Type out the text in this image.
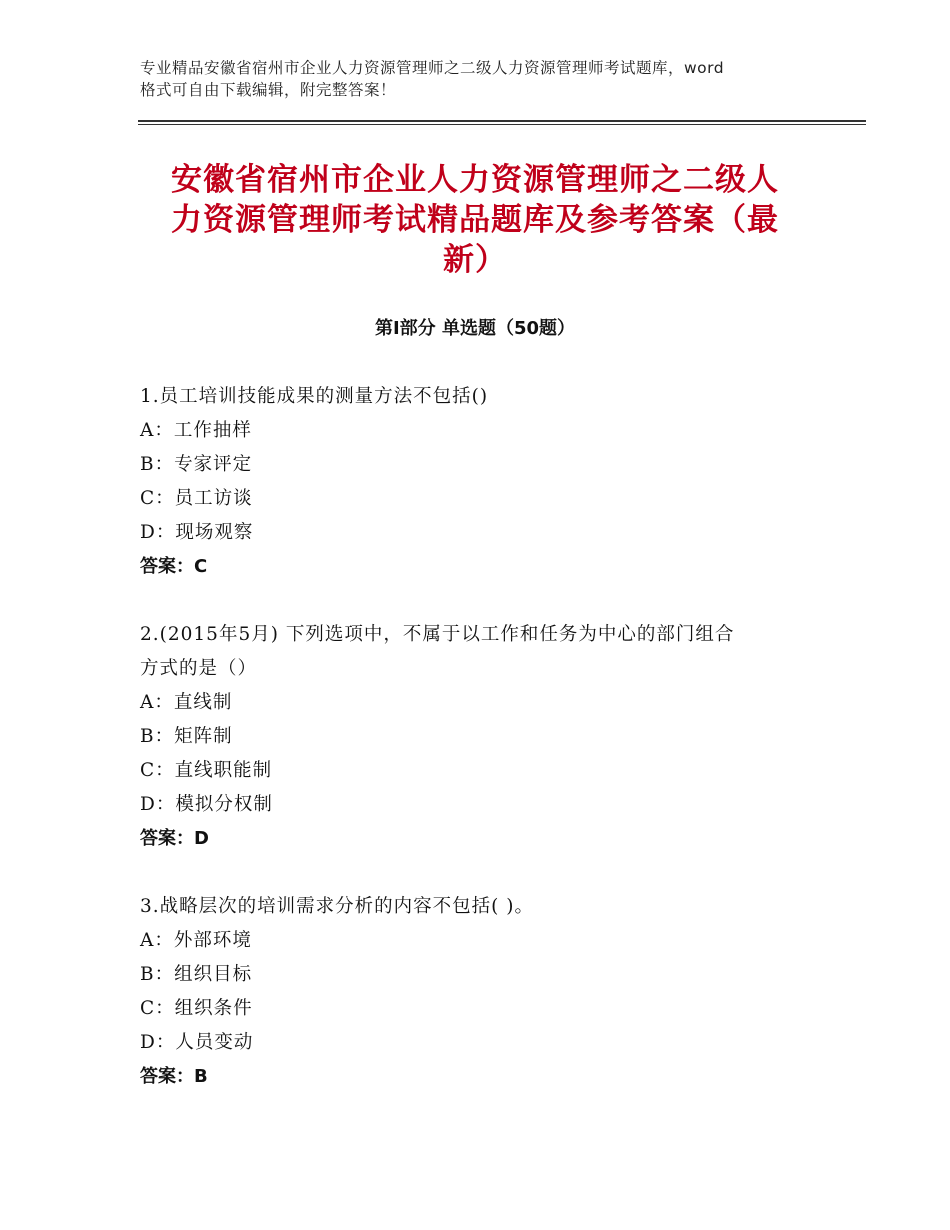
专业精品安徽省宿州市企业人力资源管理师之二级人力资源管理师考试题库，word
格式可自由下载编辑，附完整答案！
安徽省宿州市企业人力资源管理师之二级人
力资源管理师考试精品题库及参考答案（最
新）
第Ⅰ部分 单选题（50题）
1.员工培训技能成果的测量方法不包括()
A：工作抽样
B：专家评定
C：员工访谈
D：现场观察
答案：C
2.(2015年5月) 下列选项中，不属于以工作和任务为中心的部门组合
方式的是（）
A：直线制
B：矩阵制
C：直线职能制
D：模拟分权制
答案：D
3.战略层次的培训需求分析的内容不包括( )。
A：外部环境
B：组织目标
C：组织条件
D：人员变动
答案：B
